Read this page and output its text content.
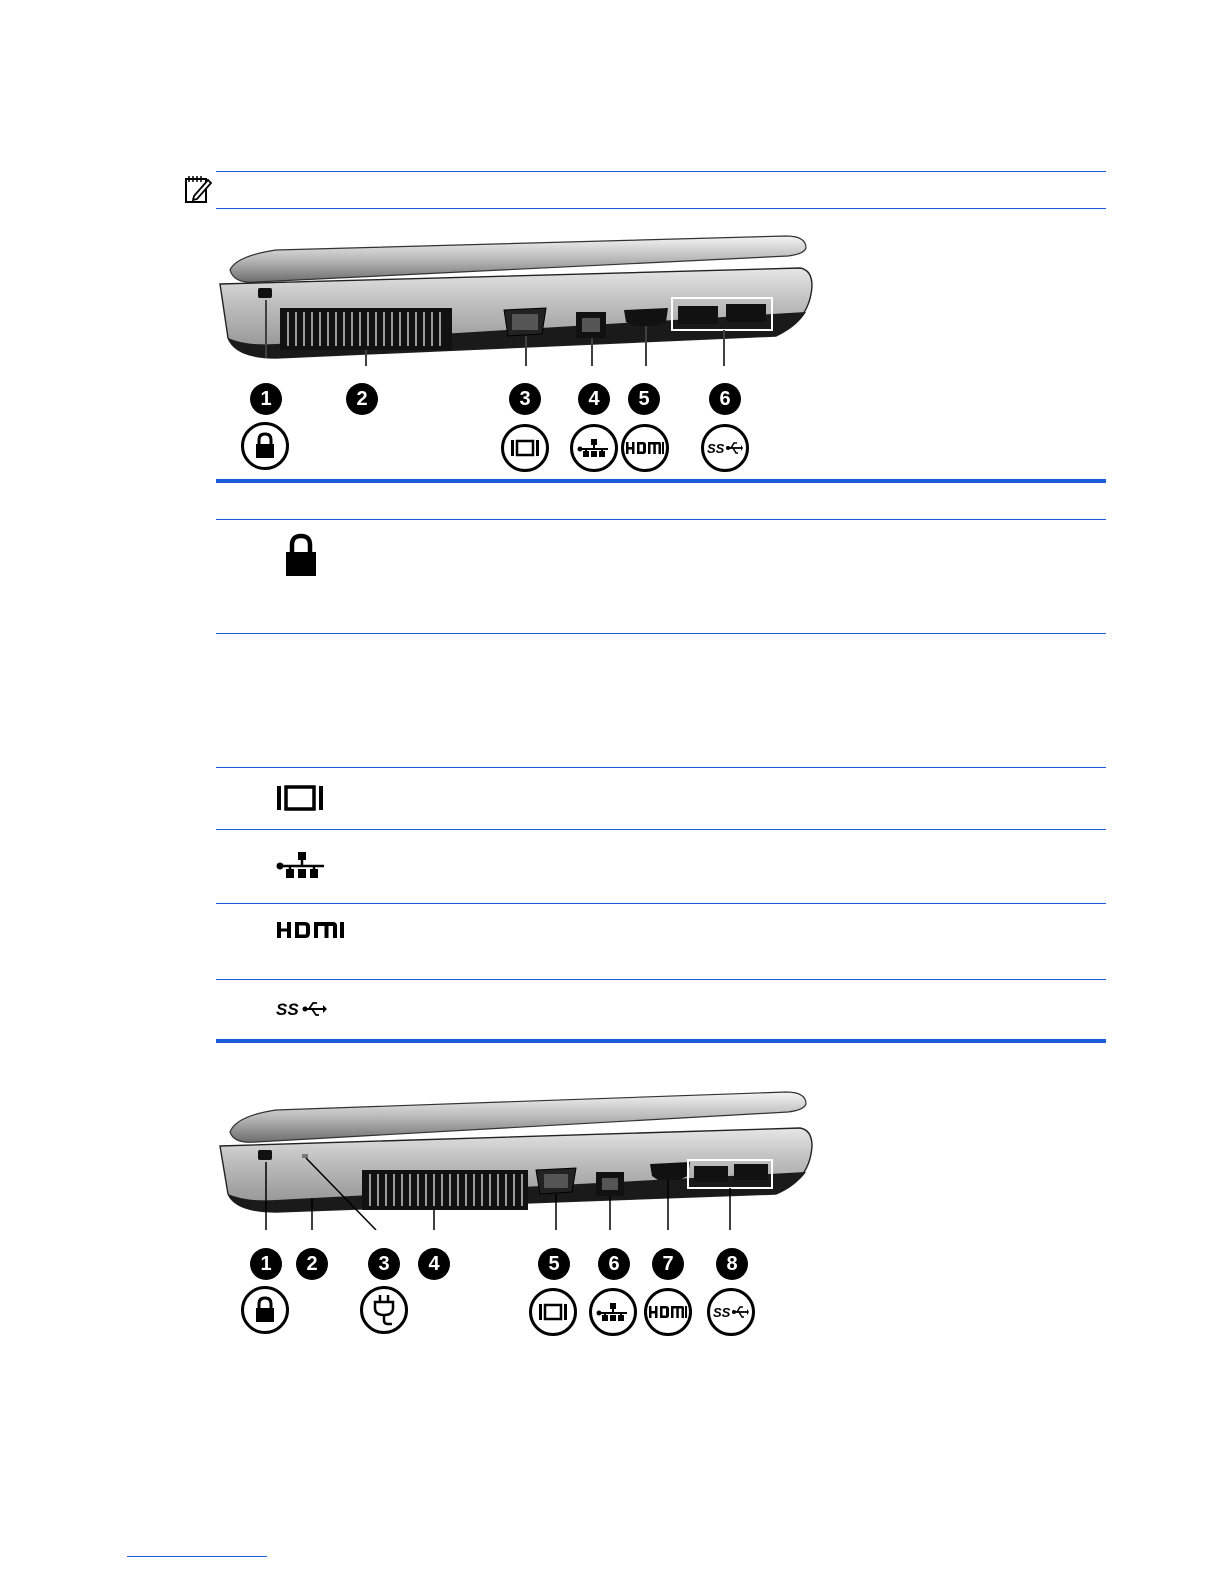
1	2	3	4	5	6
SS
SS
1	2	3	4	5	6	7	8
SS
